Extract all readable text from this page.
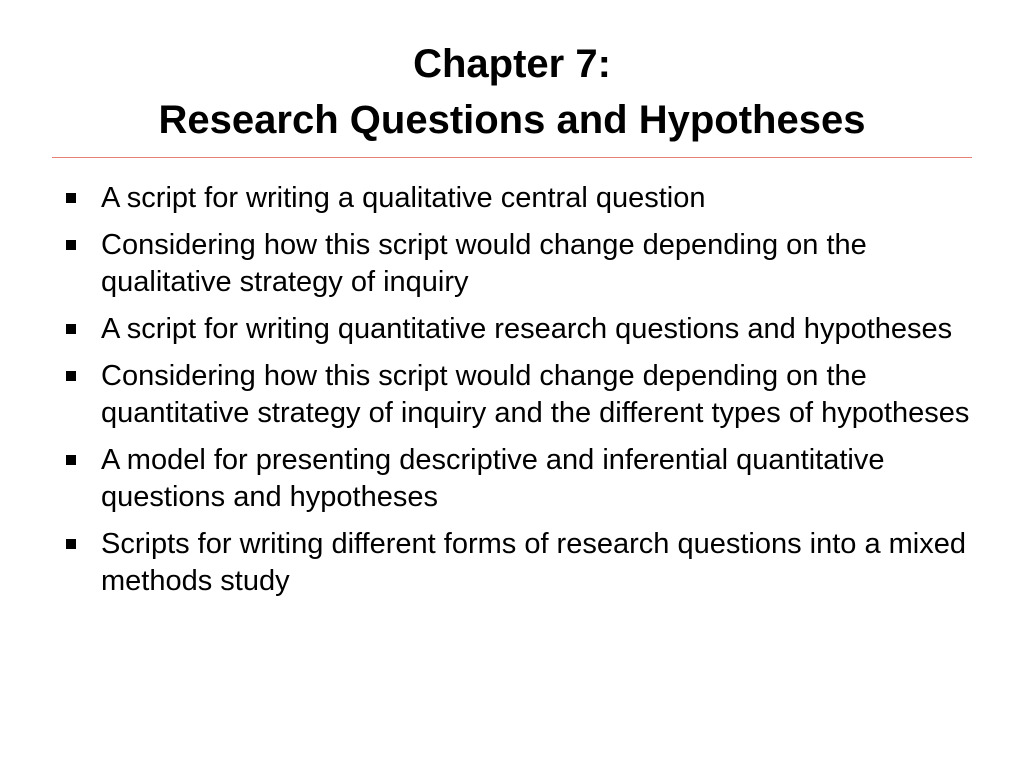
Chapter 7:

Research Questions and Hypotheses

A script for writing a qualitative central question
Considering how this script would change depending on the qualitative strategy of inquiry
A script for writing quantitative research questions and hypotheses
Considering how this script would change depending on the quantitative strategy of inquiry and the different types of hypotheses
A model for presenting descriptive and inferential quantitative questions and hypotheses
Scripts for writing different forms of research questions into a mixed methods study
